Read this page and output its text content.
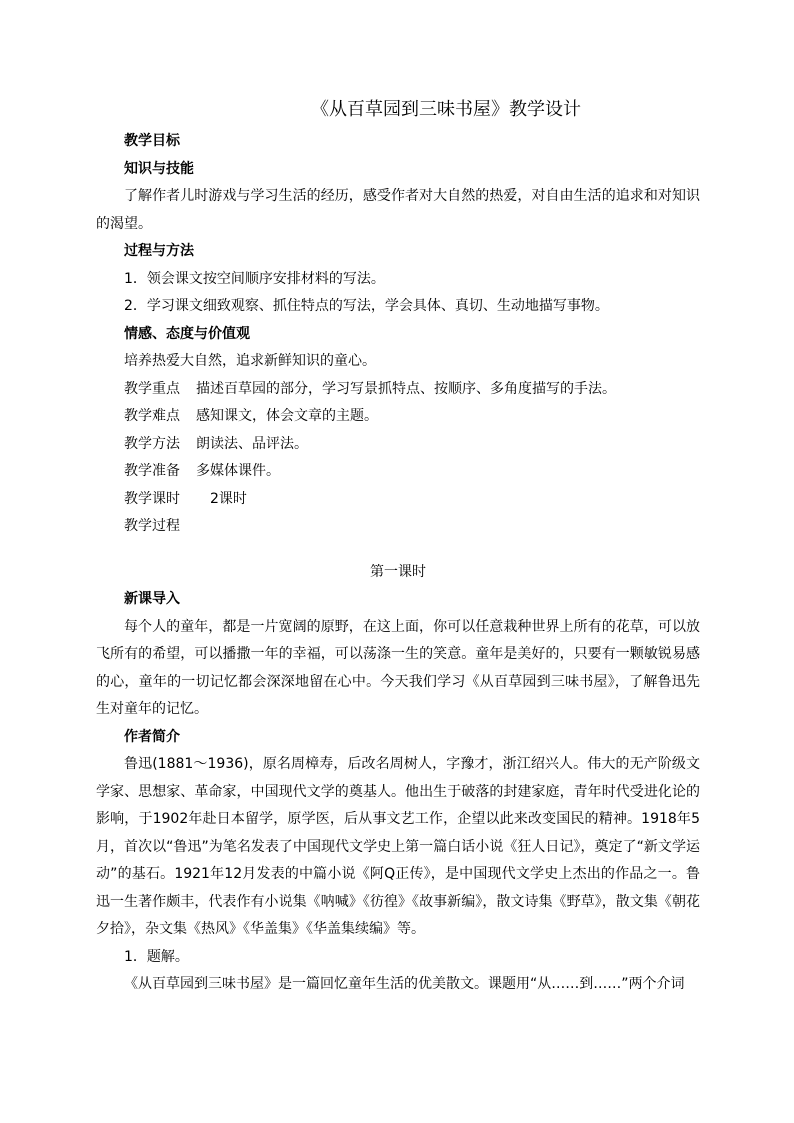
《从百草园到三味书屋》教学设计

教学目标

知识与技能

了解作者儿时游戏与学习生活的经历，感受作者对大自然的热爱，对自由生活的追求和对知识的渴望。

过程与方法

1．领会课文按空间顺序安排材料的写法。

2．学习课文细致观察、抓住特点的写法，学会具体、真切、生动地描写事物。

情感、态度与价值观

培养热爱大自然，追求新鲜知识的童心。

教学重点 描述百草园的部分，学习写景抓特点、按顺序、多角度描写的手法。

教学难点 感知课文，体会文章的主题。

教学方法 朗读法、品评法。

教学准备 多媒体课件。

教学课时 2课时

教学过程

第一课时

新课导入

每个人的童年，都是一片宽阔的原野，在这上面，你可以任意栽种世界上所有的花草，可以放飞所有的希望，可以播撒一年的幸福，可以荡涤一生的笑意。童年是美好的，只要有一颗敏锐易感的心，童年的一切记忆都会深深地留在心中。今天我们学习《从百草园到三味书屋》，了解鲁迅先生对童年的记忆。

作者简介

鲁迅(1881～1936)，原名周樟寿，后改名周树人，字豫才，浙江绍兴人。伟大的无产阶级文学家、思想家、革命家，中国现代文学的奠基人。他出生于破落的封建家庭，青年时代受进化论的影响，于1902年赴日本留学，原学医，后从事文艺工作，企望以此来改变国民的精神。1918年5月，首次以“鲁迅”为笔名发表了中国现代文学史上第一篇白话小说《狂人日记》，奠定了“新文学运动”的基石。1921年12月发表的中篇小说《阿Q正传》，是中国现代文学史上杰出的作品之一。鲁迅一生著作颇丰，代表作有小说集《呐喊》《彷徨》《故事新编》，散文诗集《野草》，散文集《朝花夕拾》，杂文集《热风》《华盖集》《华盖集续编》等。

1．题解。

《从百草园到三味书屋》是一篇回忆童年生活的优美散文。课题用“从……到……”两个介词
